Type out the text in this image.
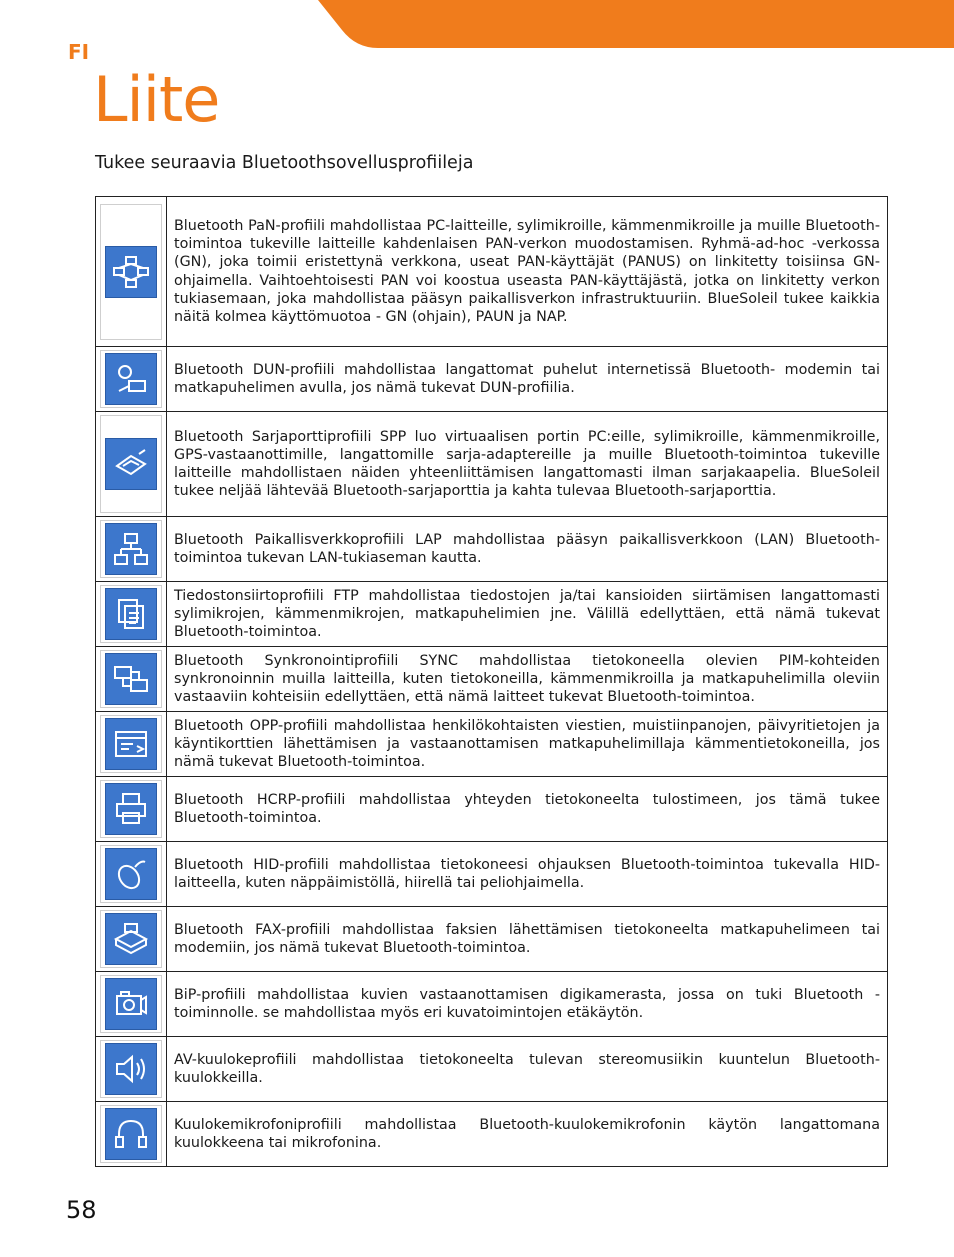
FI
Liite

Tukee seuraavia Bluetoothsovellusprofiileja

	Bluetooth PaN-profiili mahdollistaa PC-laitteille, sylimikroille, kämmenmikroille ja muille Bluetooth-toimintoa tukeville laitteille kahdenlaisen PAN-verkon muodostamisen. Ryhmä-ad-hoc -verkossa (GN), joka toimii eristettynä verkkona, useat PAN-käyttäjät (PANUS) on linkitetty toisiinsa GN-ohjaimella. Vaihtoehtoisesti PAN voi koostua useasta PAN-käyttäjästä, jotka on linkitetty verkon tukiasemaan, joka mahdollistaa pääsyn paikallisverkon infrastruktuuriin. BlueSoleil tukee kaikkia näitä kolmea käyttömuotoa - GN (ohjain), PAUN ja NAP.

	Bluetooth DUN-profiili mahdollistaa langattomat puhelut internetissä Bluetooth- modemin tai matkapuhelimen avulla, jos nämä tukevat DUN-profiilia.

	Bluetooth Sarjaporttiprofiili SPP luo virtuaalisen portin PC:eille, sylimikroille, kämmenmikroille, GPS-vastaanottimille, langattomille sarja-adaptereille ja muille Bluetooth-toimintoa tukeville laitteille mahdollistaen näiden yhteenliittämisen langattomasti ilman sarjakaapelia. BlueSoleil tukee neljää lähtevää Bluetooth-sarjaporttia ja kahta tulevaa Bluetooth-sarjaporttia.

	Bluetooth Paikallisverkkoprofiili LAP mahdollistaa pääsyn paikallisverkkoon (LAN) Bluetooth-toimintoa tukevan LAN-tukiaseman kautta.

	Tiedostonsiirtoprofiili FTP mahdollistaa tiedostojen ja/tai kansioiden siirtämisen langattomasti sylimikrojen, kämmenmikrojen, matkapuhelimien jne. Välillä edellyttäen, että nämä tukevat Bluetooth-toimintoa.

	Bluetooth Synkronointiprofiili SYNC mahdollistaa tietokoneella olevien PIM-kohteiden synkronoinnin muilla laitteilla, kuten tietokoneilla, kämmenmikroilla ja matkapuhelimilla oleviin vastaaviin kohteisiin edellyttäen, että nämä laitteet tukevat Bluetooth-toimintoa.

	Bluetooth OPP-profiili mahdollistaa henkilökohtaisten viestien, muistiinpanojen, päivyritietojen ja käyntikorttien lähettämisen ja vastaanottamisen matkapuhelimillaja kämmentietokoneilla, jos nämä tukevat Bluetooth-toimintoa.

	Bluetooth HCRP-profiili mahdollistaa yhteyden tietokoneelta tulostimeen, jos tämä tukee Bluetooth-toimintoa.

	Bluetooth HID-profiili mahdollistaa tietokoneesi ohjauksen Bluetooth-toimintoa tukevalla HID-laitteella, kuten näppäimistöllä, hiirellä tai peliohjaimella.

	Bluetooth FAX-profiili mahdollistaa faksien lähettämisen tietokoneelta matkapuhelimeen tai modemiin, jos nämä tukevat Bluetooth-toimintoa.

	BiP-profiili mahdollistaa kuvien vastaanottamisen digikamerasta, jossa on tuki Bluetooth -toiminnolle. se mahdollistaa myös eri kuvatoimintojen etäkäytön.

	AV-kuulokeprofiili mahdollistaa tietokoneelta tulevan stereomusiikin kuuntelun Bluetooth-kuulokkeilla.

	Kuulokemikrofoniprofiili mahdollistaa Bluetooth-kuulokemikrofonin käytön langattomana kuulokkeena tai mikrofonina.
58
